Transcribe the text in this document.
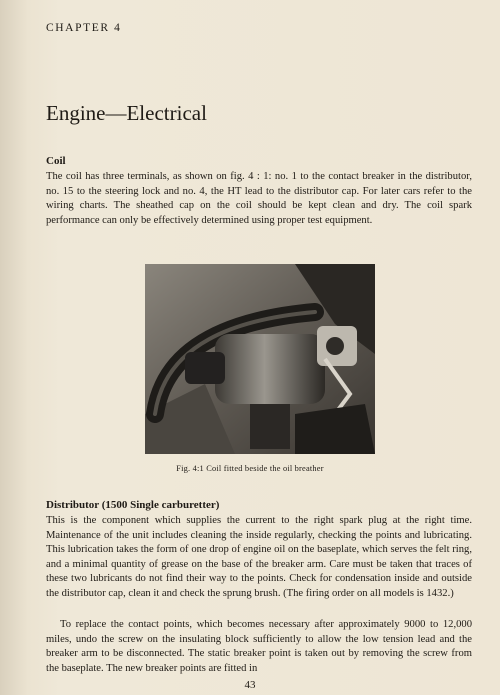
CHAPTER 4
Engine—Electrical
Coil

The coil has three terminals, as shown on fig. 4 : 1: no. 1 to the contact breaker in the distributor, no. 15 to the steering lock and no. 4, the HT lead to the distributor cap. For later cars refer to the wiring charts. The sheathed cap on the coil should be kept clean and dry. The coil spark performance can only be effectively determined using proper test equipment.

Fig. 4:1 Coil fitted beside the oil breather
Distributor (1500 Single carburetter)

This is the component which supplies the current to the right spark plug at the right time. Maintenance of the unit includes cleaning the inside regularly, checking the points and lubricating. This lubrication takes the form of one drop of engine oil on the baseplate, which serves the felt ring, and a minimal quantity of grease on the base of the breaker arm. Care must be taken that traces of these two lubricants do not find their way to the points. Check for condensation inside and outside the distributor cap, clean it and check the sprung brush. (The firing order on all models is 1432.)

To replace the contact points, which becomes necessary after approximately 9000 to 12,000 miles, undo the screw on the insulating block sufficiently to allow the low tension lead and the breaker arm to be disconnected. The static breaker point is taken out by removing the screw from the baseplate. The new breaker points are fitted in

43
